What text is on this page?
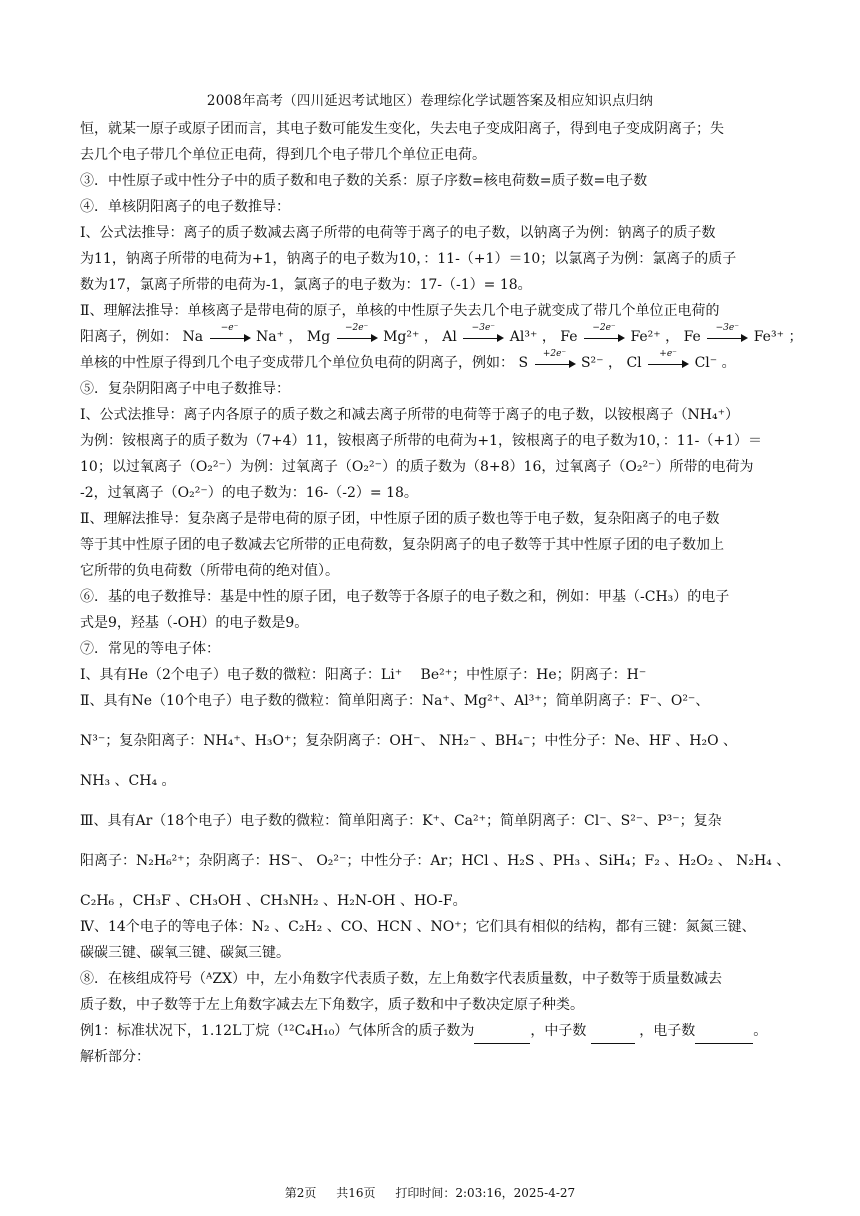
2008年高考（四川延迟考试地区）卷理综化学试题答案及相应知识点归纳
恒，就某一原子或原子团而言，其电子数可能发生变化，失去电子变成阳离子，得到电子变成阴离子；失
去几个电子带几个单位正电荷，得到几个电子带几个单位正电荷。
③．中性原子或中性分子中的质子数和电子数的关系：原子序数=核电荷数=质子数=电子数
④．单核阴阳离子的电子数推导：
Ⅰ、公式法推导：离子的质子数减去离子所带的电荷等于离子的电子数，以钠离子为例：钠离子的质子数
为11，钠离子所带的电荷为+1，钠离子的电子数为10，：11-（+1）＝10；以氯离子为例：氯离子的质子
数为17，氯离子所带的电荷为-1，氯离子的电子数为：17-（-1）= 18。
Ⅱ、理解法推导：单核离子是带电荷的原子，单核的中性原子失去几个电子就变成了带几个单位正电荷的
阳离子，例如： Na
−e⁻
Na⁺ ， Mg
−2e⁻
Mg²⁺ ， Al
−3e⁻
Al³⁺ ， Fe
−2e⁻
Fe²⁺ ， Fe
−3e⁻
Fe³⁺ ；
单核的中性原子得到几个电子变成带几个单位负电荷的阴离子，例如： S
+2e⁻
S²⁻ ， Cl
+e⁻
Cl⁻ 。
⑤．复杂阴阳离子中电子数推导：
Ⅰ、公式法推导：离子内各原子的质子数之和减去离子所带的电荷等于离子的电子数，以铵根离子（NH₄⁺）
为例：铵根离子的质子数为（7+4）11，铵根离子所带的电荷为+1，铵根离子的电子数为10，：11-（+1）＝
10；以过氧离子（O₂²⁻）为例：过氧离子（O₂²⁻）的质子数为（8+8）16，过氧离子（O₂²⁻）所带的电荷为
-2，过氧离子（O₂²⁻）的电子数为：16-（-2）= 18。
Ⅱ、理解法推导：复杂离子是带电荷的原子团，中性原子团的质子数也等于电子数，复杂阳离子的电子数
等于其中性原子团的电子数减去它所带的正电荷数，复杂阴离子的电子数等于其中性原子团的电子数加上
它所带的负电荷数（所带电荷的绝对值）。
⑥．基的电子数推导：基是中性的原子团，电子数等于各原子的电子数之和，例如：甲基（-CH₃）的电子
式是9，羟基（-OH）的电子数是9。
⑦．常见的等电子体：
Ⅰ、具有He（2个电子）电子数的微粒：阳离子：Li⁺　 Be²⁺；中性原子：He；阴离子：H⁻
Ⅱ、具有Ne（10个电子）电子数的微粒：简单阳离子：Na⁺、Mg²⁺、Al³⁺；简单阴离子：F⁻、O²⁻、
N³⁻；复杂阳离子：NH₄⁺、H₃O⁺；复杂阴离子：OH⁻、 NH₂⁻ 、BH₄⁻；中性分子：Ne、HF 、H₂O 、
NH₃ 、CH₄ 。
Ⅲ、具有Ar（18个电子）电子数的微粒：简单阳离子：K⁺、Ca²⁺；简单阴离子：Cl⁻、S²⁻、P³⁻；复杂
阳离子：N₂H₆²⁺；杂阴离子：HS⁻、 O₂²⁻；中性分子：Ar；HCl 、H₂S 、PH₃ 、SiH₄；F₂ 、H₂O₂ 、 N₂H₄ 、
C₂H₆ ，CH₃F 、CH₃OH 、CH₃NH₂ 、H₂N-OH 、HO-F。
Ⅳ、14个电子的等电子体：N₂ 、C₂H₂ 、CO、HCN 、NO⁺；它们具有相似的结构，都有三键：氮氮三键、
碳碳三键、碳氧三键、碳氮三键。
⑧．在核组成符号（ᴬZX）中，左小角数字代表质子数，左上角数字代表质量数，中子数等于质量数减去
质子数，中子数等于左上角数字减去左下角数字，质子数和中子数决定原子种类。
例1：标准状况下，1.12L丁烷（¹²C₄H₁₀）气体所含的质子数为	，中子数	，电子数	。
解析部分：
第2页 共16页 打印时间：2:03:16，2025-4-27
